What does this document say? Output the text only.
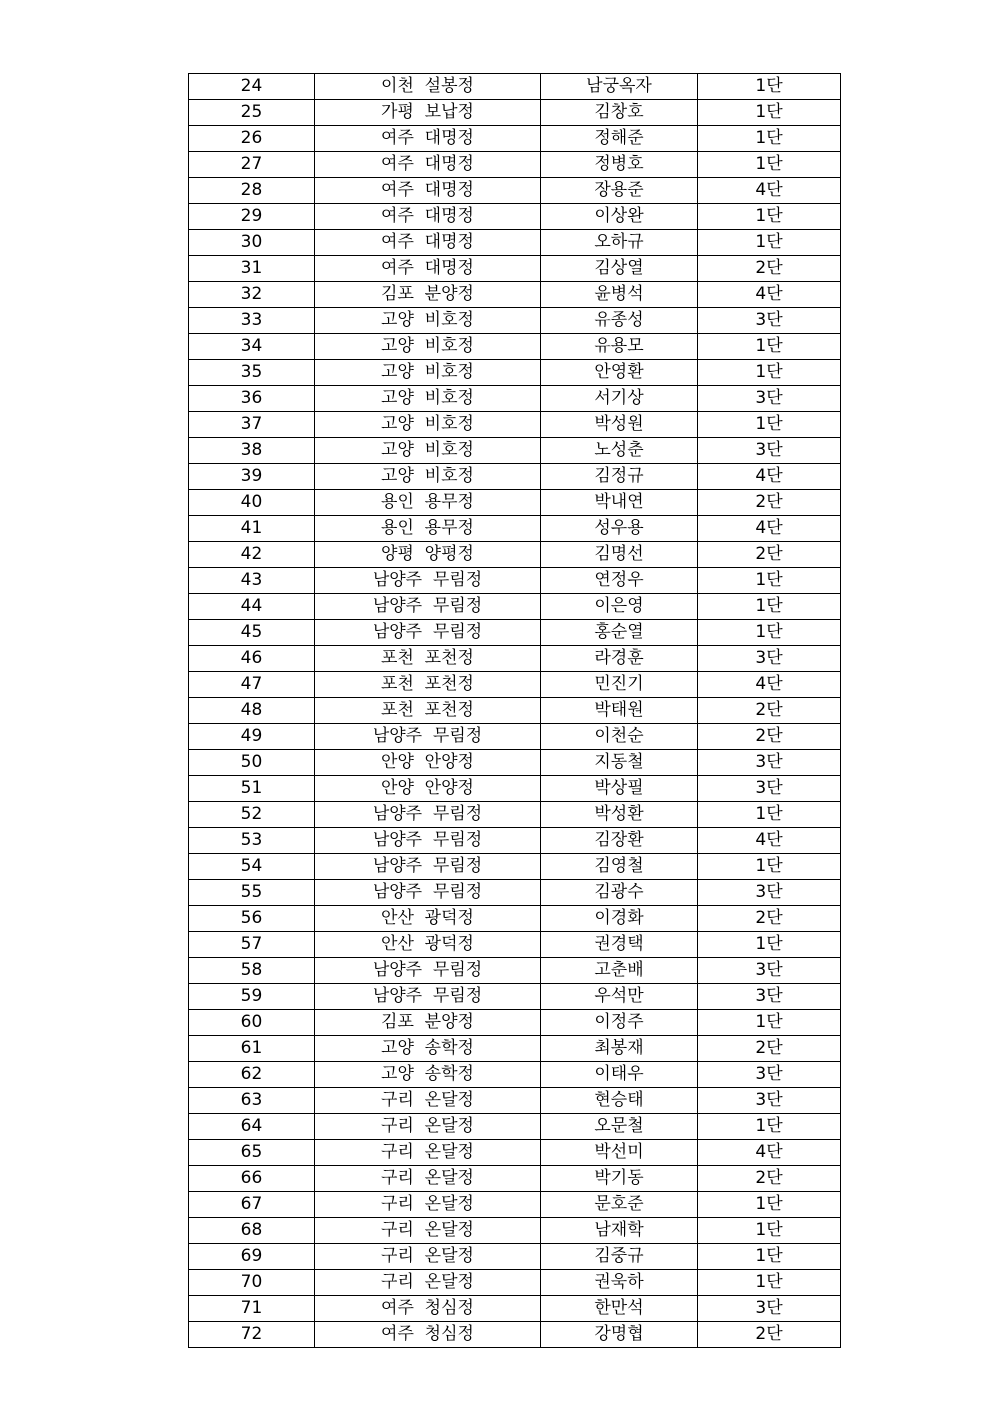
24	이천  설봉정	남궁옥자	1단
25	가평  보납정	김창호	1단
26	여주  대명정	정해준	1단
27	여주  대명정	정병호	1단
28	여주  대명정	장용준	4단
29	여주  대명정	이상완	1단
30	여주  대명정	오하규	1단
31	여주  대명정	김상열	2단
32	김포  분양정	윤병석	4단
33	고양  비호정	유종성	3단
34	고양  비호정	유용모	1단
35	고양  비호정	안영환	1단
36	고양  비호정	서기상	3단
37	고양  비호정	박성원	1단
38	고양  비호정	노성춘	3단
39	고양  비호정	김정규	4단
40	용인  용무정	박내연	2단
41	용인  용무정	성우용	4단
42	양평  양평정	김명선	2단
43	남양주  무림정	연정우	1단
44	남양주  무림정	이은영	1단
45	남양주  무림정	홍순열	1단
46	포천  포천정	라경훈	3단
47	포천  포천정	민진기	4단
48	포천  포천정	박태원	2단
49	남양주  무림정	이천순	2단
50	안양  안양정	지동철	3단
51	안양  안양정	박상필	3단
52	남양주  무림정	박성환	1단
53	남양주  무림정	김장환	4단
54	남양주  무림정	김영철	1단
55	남양주  무림정	김광수	3단
56	안산  광덕정	이경화	2단
57	안산  광덕정	권경택	1단
58	남양주  무림정	고춘배	3단
59	남양주  무림정	우석만	3단
60	김포  분양정	이정주	1단
61	고양  송학정	최봉재	2단
62	고양  송학정	이태우	3단
63	구리  온달정	현승태	3단
64	구리  온달정	오문철	1단
65	구리  온달정	박선미	4단
66	구리  온달정	박기동	2단
67	구리  온달정	문호준	1단
68	구리  온달정	남재학	1단
69	구리  온달정	김중규	1단
70	구리  온달정	권욱하	1단
71	여주  청심정	한만석	3단
72	여주  청심정	강명협	2단
